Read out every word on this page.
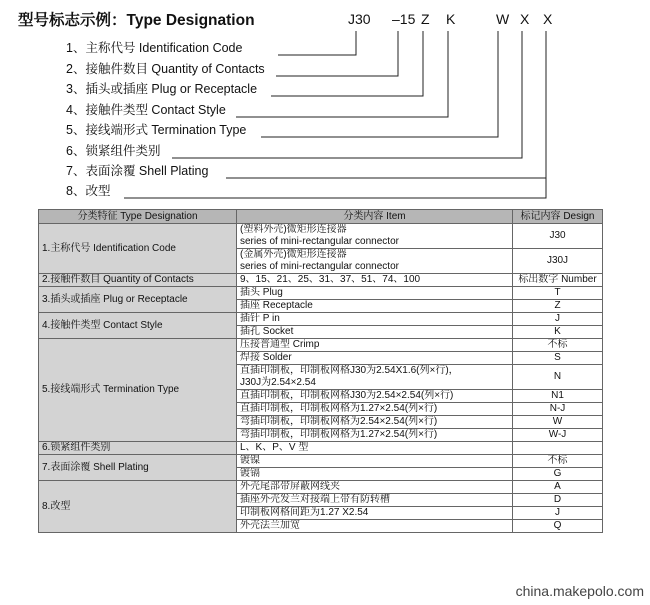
型号标志示例：Type Designation	J30 –15 Z K	W X X
1、主称代号 Identification Code
2、接触件数目 Quantity of Contacts
3、插头或插座 Plug or Receptacle
4、接触件类型 Contact Style
5、接线端形式 Termination Type
6、锁紧组件类别
7、表面涂覆 Shell Plating
8、改型
分类特征 Type Designation	分类内容 Item	标记内容 Design
1.主称代号 Identification Code	(塑料外壳)微矩形连接器
series of mini-rectangular connector	J30

	(金属外壳)微矩形连接器
series of mini-rectangular connector	J30J
2.接触件数目 Quantity of Contacts	9、15、21、25、31、37、51、74、100	标出数字 Number
3.插头或插座 Plug or Receptacle	插头 Plug	T

	插座 Receptacle	Z
4.接触件类型 Contact Style	插针 P in	J

	插孔 Socket	K
5.接线端形式 Termination Type	压接普通型 Crimp	不标

	焊接 Solder	S

	直插印制板，印制板网格J30为2.54X1.6(列×行)，
J30J为2.54×2.54	N

	直插印制板，印制板网格J30为2.54×2.54(列×行)	N1

	直插印制板，印制板网格为1.27×2.54(列×行)	N-J

	弯插印制板，印制板网格为2.54×2.54(列×行)	W

	弯插印制板，印制板网格为1.27×2.54(列×行)	W-J
6.锁紧组件类别	L、K、P、V 型	

7.表面涂覆 Shell Plating	镀镍	不标

	镀镉	G
8.改型	外壳尾部带屏蔽网线夹	A

	插座外壳发兰对接端上带有防转槽	D

	印制板网格间距为1.27 X2.54	J

	外壳法兰加宽	Q
china.makepolo.com
